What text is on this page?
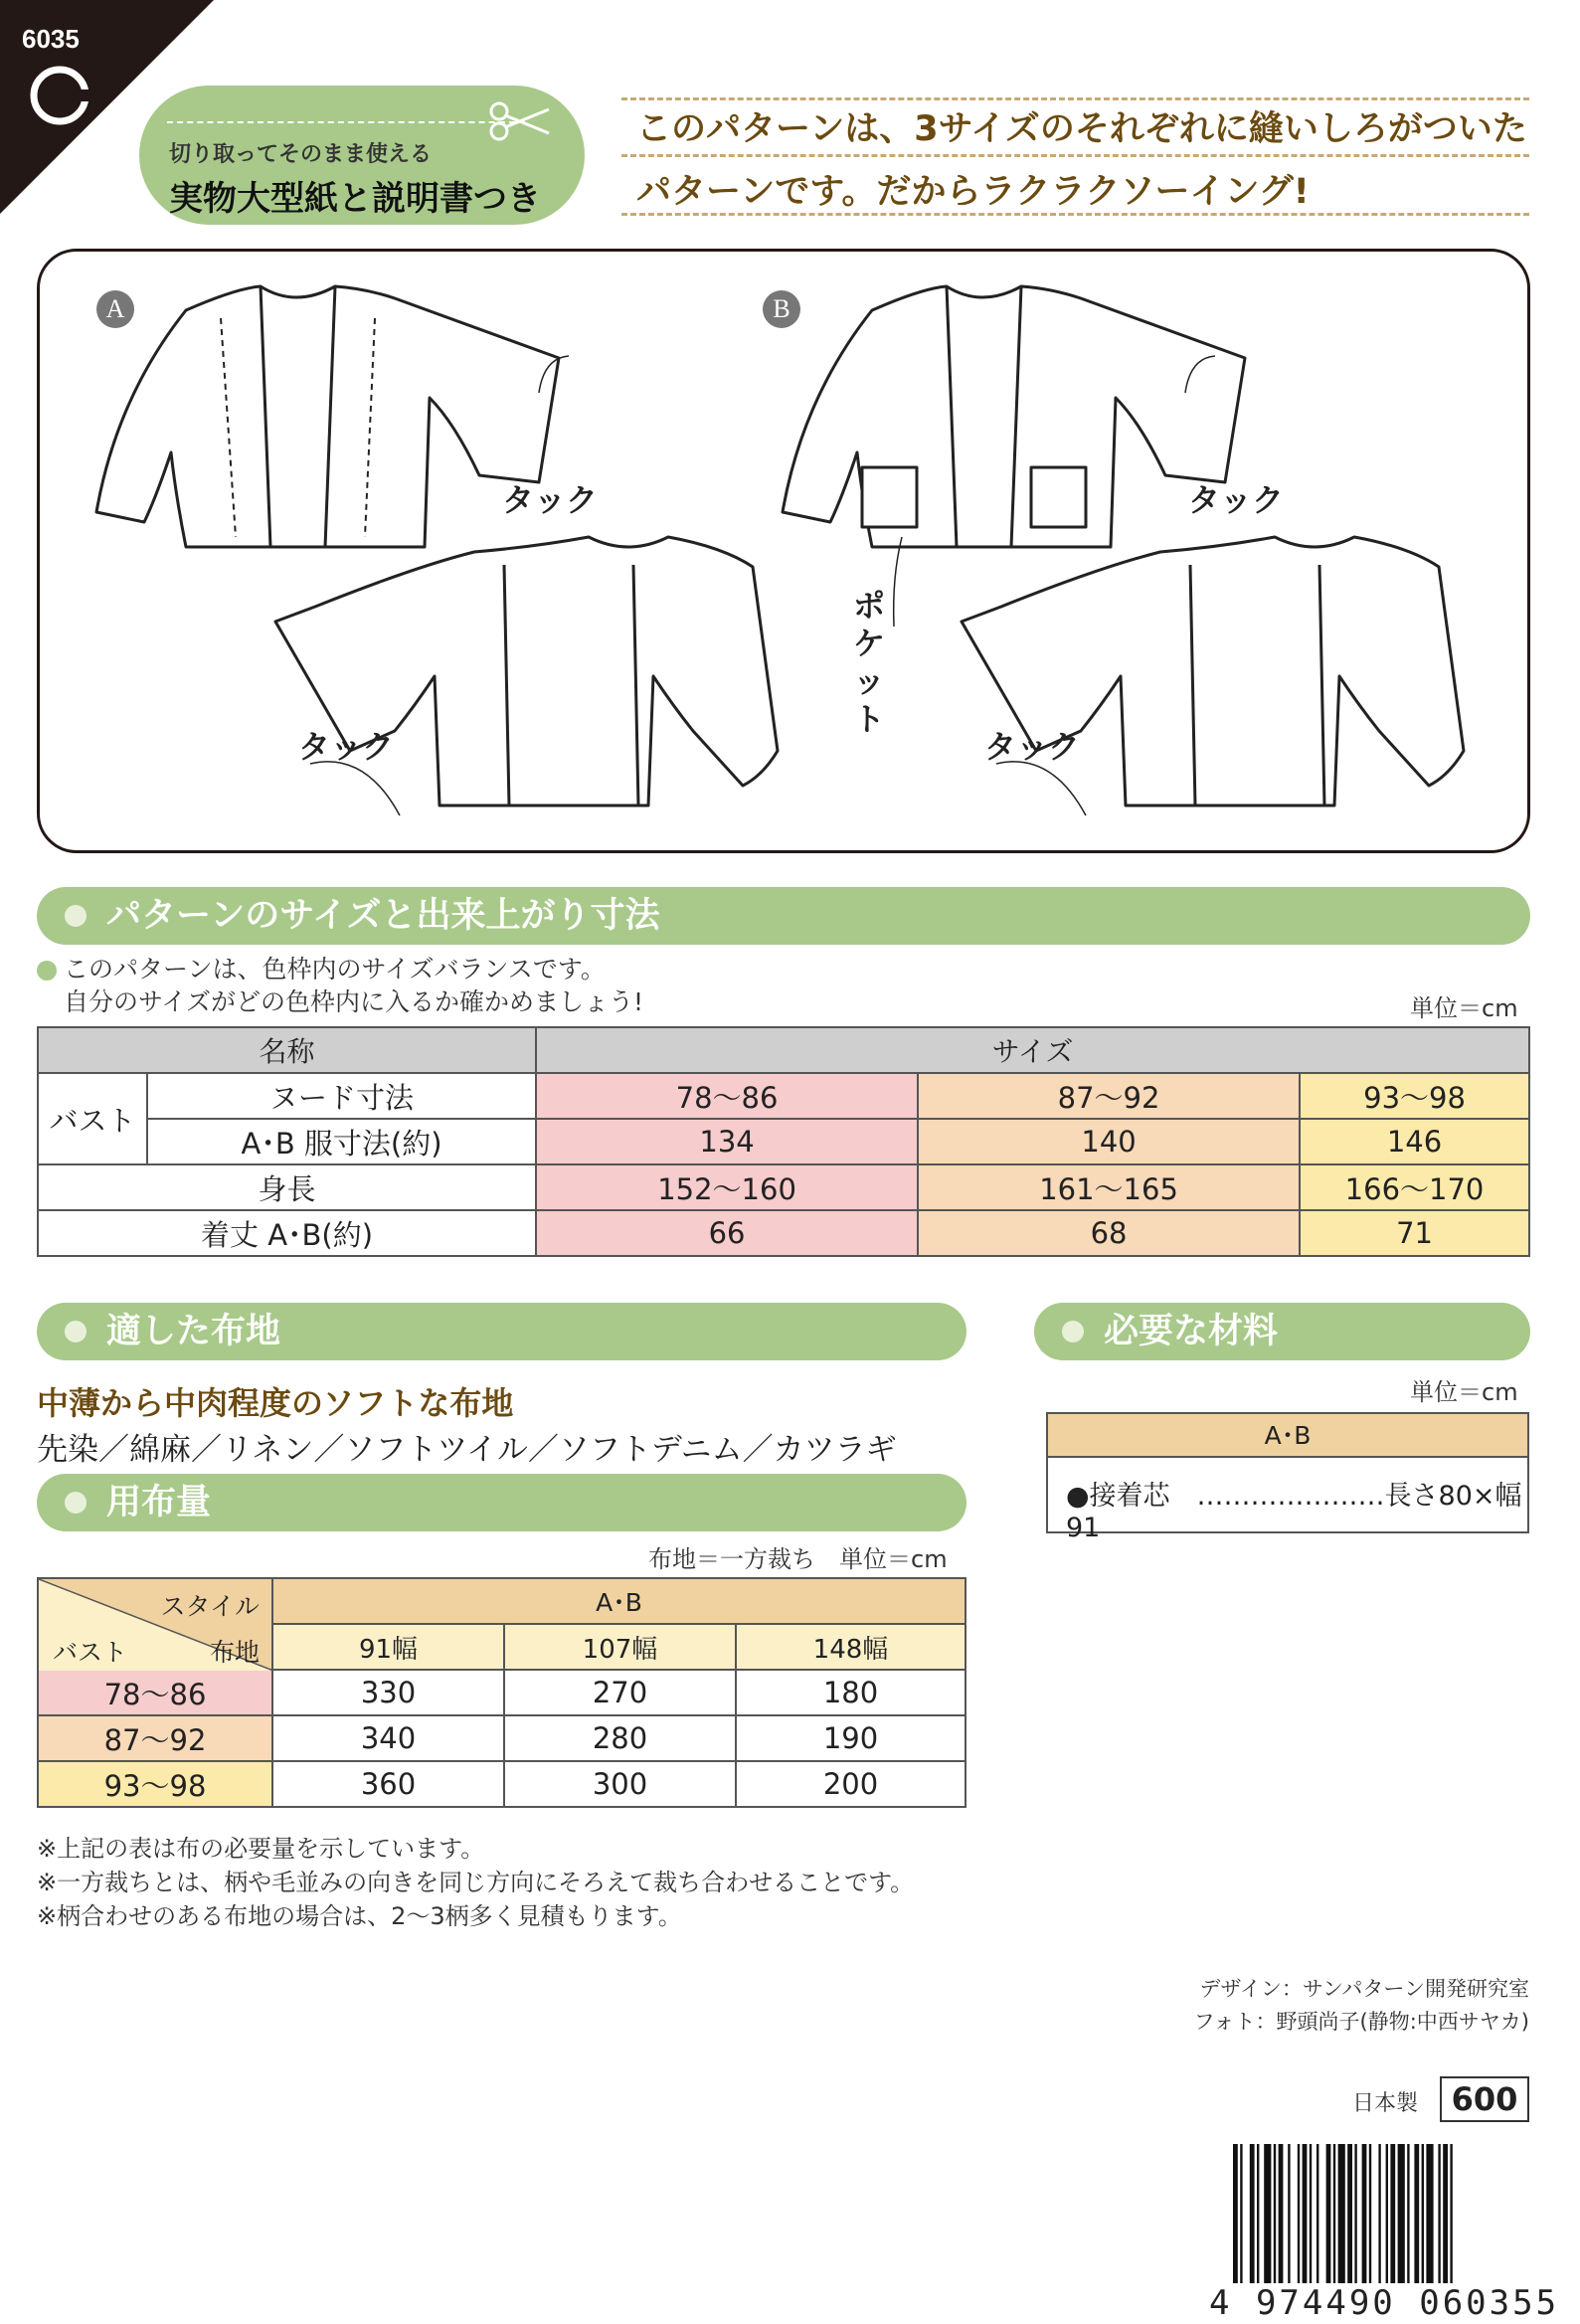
6035
切り取ってそのまま使える
実物大型紙と説明書つき
このパターンは、3サイズのそれぞれに縫いしろがついた
パターンです。だからラクラクソーイング!
A	B
タック
タック
タック
タック
ポケット
パターンのサイズと出来上がり寸法
このパターンは、色枠内のサイズバランスです。
自分のサイズがどの色枠内に入るか確かめましょう!	単位＝cm
名称		サイズ		
バスト	ヌード寸法	78〜86	87〜92	93〜98
	A･B 服寸法(約)	134	140	146
身長		152〜160	161〜165	166〜170
着丈 A･B(約)		66	68	71
適した布地
中薄から中肉程度のソフトな布地
先染／綿麻／リネン／ソフトツイル／ソフトデニム／カツラギ
必要な材料
単位＝cm
A･B
●接着芯　…………………長さ80×幅91
用布量
布地＝一方裁ち　単位＝cm
スタイル
布地
バスト	A･B		
	91幅	107幅	148幅
78〜86	330	270	180
87〜92	340	280	190
93〜98	360	300	200
※上記の表は布の必要量を示しています。
※一方裁ちとは、柄や毛並みの向きを同じ方向にそろえて裁ち合わせることです。
※柄合わせのある布地の場合は、2〜3柄多く見積もります。
デザイン：サンパターン開発研究室
フォト：野頭尚子(静物:中西サヤカ)
日本製	600
4 974490 060355
